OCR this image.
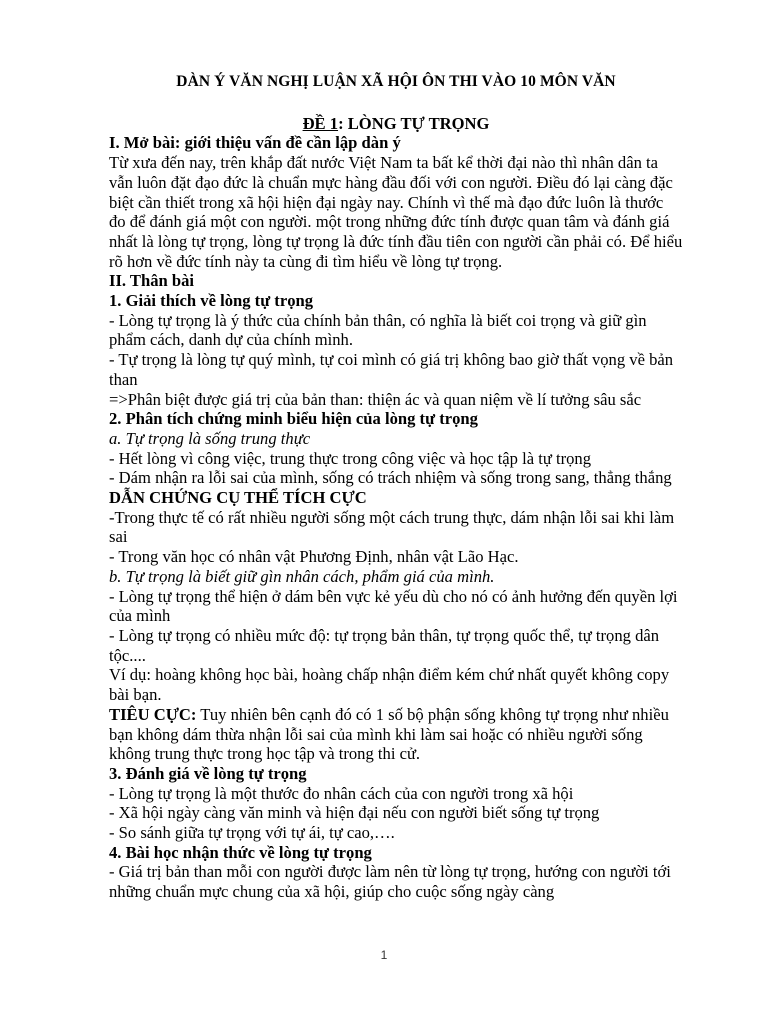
DÀN Ý VĂN NGHỊ LUẬN XÃ HỘI ÔN THI VÀO 10 MÔN VĂN

ĐỀ 1: LÒNG TỰ TRỌNG

I. Mở bài: giới thiệu vấn đề cần lập dàn ý

Từ xưa đến nay, trên khắp đất nước Việt Nam ta bất kể thời đại nào thì nhân dân ta vẫn luôn đặt đạo đức là chuẩn mực hàng đầu đối với con người. Điều đó lại càng đặc biệt cần thiết trong xã hội hiện đại ngày nay. Chính vì thế mà đạo đức luôn là thước đo để đánh giá một con người. một trong những đức tính được quan tâm và đánh giá nhất là lòng tự trọng, lòng tự trọng là đức tính đầu tiên con người cần phải có. Để hiểu rõ hơn về đức tính này ta cùng đi tìm hiểu về lòng tự trọng.

II. Thân bài

1. Giải thích về lòng tự trọng

- Lòng tự trọng là ý thức của chính bản thân, có nghĩa là biết coi trọng và giữ gìn phẩm cách, danh dự của chính mình.

- Tự trọng là lòng tự quý mình, tự coi mình có giá trị không bao giờ thất vọng về bản than

=>Phân biệt được giá trị của bản than: thiện ác và quan niệm về lí tưởng sâu sắc

2. Phân tích chứng minh biểu hiện của lòng tự trọng

a. Tự trọng là sống trung thực

- Hết lòng vì công việc, trung thực trong công việc và học tập là tự trọng

- Dám nhận ra lỗi sai của mình, sống có trách nhiệm và sống trong sang, thẳng thắng

DẪN CHỨNG CỤ THỂ TÍCH CỰC

-Trong thực tế có rất nhiều người sống một cách trung thực, dám nhận lỗi sai khi làm sai

- Trong văn học có nhân vật Phương Định, nhân vật Lão Hạc.

b. Tự trọng là biết giữ gìn nhân cách, phẩm giá của mình.

- Lòng tự trọng thể hiện ở dám bên vực kẻ yếu dù cho nó có ảnh hưởng đến quyền lợi của mình

- Lòng tự trọng có nhiều mức độ: tự trọng bản thân, tự trọng quốc thể, tự trọng dân tộc....

Ví dụ: hoàng không học bài, hoàng chấp nhận điểm kém chứ nhất quyết không copy bài bạn.

TIÊU CỰC: Tuy nhiên bên cạnh đó có 1 số bộ phận sống không tự trọng như nhiều bạn không dám thừa nhận lỗi sai của mình khi làm sai hoặc có nhiều người sống không trung thực trong học tập và trong thi cử.

3. Đánh giá về lòng tự trọng

- Lòng tự trọng là một thước đo nhân cách của con người trong xã hội

- Xã hội ngày càng văn minh và hiện đại nếu con người biết sống tự trọng

- So sánh giữa tự trọng với tự ái, tự cao,….

4. Bài học nhận thức về lòng tự trọng

- Giá trị bản than mỗi con người được làm nên từ lòng tự trọng, hướng con người tới những chuẩn mực chung của xã hội, giúp cho cuộc sống ngày càng

1
